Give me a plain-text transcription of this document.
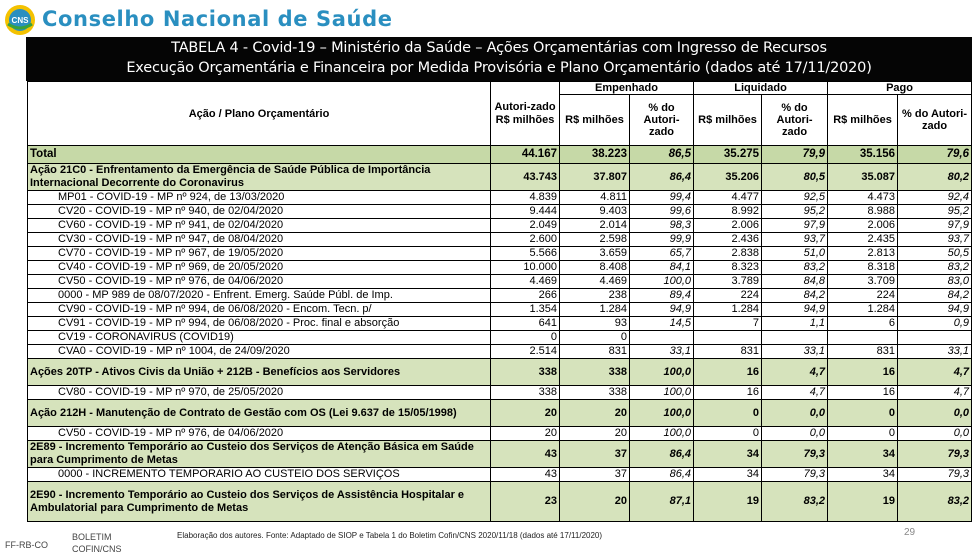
CNS Conselho Nacional de Saúde
TABELA 4 - Covid-19 – Ministério da Saúde – Ações Orçamentárias com Ingresso de Recursos
Execução Orçamentária e Financeira por Medida Provisória e Plano Orçamentário (dados até 17/11/2020)
Ação / Plano Orçamentário	Autori-zado R$ milhões	Empenhado		Liquidado		Pago	
		R$ milhões	% do Autori-zado	R$ milhões	% do Autori-zado	R$ milhões	% do Autori-zado
Total	44.167	38.223	86,5	35.275	79,9	35.156	79,6
Ação 21C0 - Enfrentamento da Emergência de Saúde Pública de Importância Internacional Decorrente do Coronavirus	43.743	37.807	86,4	35.206	80,5	35.087	80,2
MP01 - COVID-19 - MP nº 924, de 13/03/2020	4.839	4.811	99,4	4.477	92,5	4.473	92,4
CV20 - COVID-19 - MP nº 940, de 02/04/2020	9.444	9.403	99,6	8.992	95,2	8.988	95,2
CV60 - COVID-19 - MP nº 941, de 02/04/2020	2.049	2.014	98,3	2.006	97,9	2.006	97,9
CV30 - COVID-19 - MP nº 947, de 08/04/2020	2.600	2.598	99,9	2.436	93,7	2.435	93,7
CV70 - COVID-19 - MP nº 967, de 19/05/2020	5.566	3.659	65,7	2.838	51,0	2.813	50,5
CV40 - COVID-19 - MP nº 969, de 20/05/2020	10.000	8.408	84,1	8.323	83,2	8.318	83,2
CV50 - COVID-19 - MP nº 976, de 04/06/2020	4.469	4.469	100,0	3.789	84,8	3.709	83,0
0000 - MP 989 de 08/07/2020 - Enfrent. Emerg. Saúde Públ. de Imp.	266	238	89,4	224	84,2	224	84,2
CV90 - COVID-19 - MP nº 994, de 06/08/2020 - Encom. Tecn. p/	1.354	1.284	94,9	1.284	94,9	1.284	94,9
CV91 - COVID-19 - MP nº 994, de 06/08/2020 - Proc. final e absorção	641	93	14,5	7	1,1	6	0,9
CV19 - CORONAVIRUS (COVID19)	0	0					
CVA0 - COVID-19 - MP nº 1004, de 24/09/2020	2.514	831	33,1	831	33,1	831	33,1
Ações 20TP - Ativos Civis da União + 212B - Benefícios aos Servidores	338	338	100,0	16	4,7	16	4,7
CV80 - COVID-19 - MP nº 970, de 25/05/2020	338	338	100,0	16	4,7	16	4,7
Ação 212H - Manutenção de Contrato de Gestão com OS (Lei 9.637 de 15/05/1998)	20	20	100,0	0	0,0	0	0,0
CV50 - COVID-19 - MP nº 976, de 04/06/2020	20	20	100,0	0	0,0	0	0,0
2E89 - Incremento Temporário ao Custeio dos Serviços de Atenção Básica em Saúde para Cumprimento de Metas	43	37	86,4	34	79,3	34	79,3
0000 - INCREMENTO TEMPORARIO AO CUSTEIO DOS SERVIÇOS	43	37	86,4	34	79,3	34	79,3
2E90 - Incremento Temporário ao Custeio dos Serviços de Assistência Hospitalar e Ambulatorial para Cumprimento de Metas	23	20	87,1	19	83,2	19	83,2
FF-RB-CO
BOLETIM
COFIN/CNS
Elaboração dos autores. Fonte: Adaptado de SIOP e Tabela 1 do Boletim Cofin/CNS 2020/11/18 (dados até 17/11/2020)	29
